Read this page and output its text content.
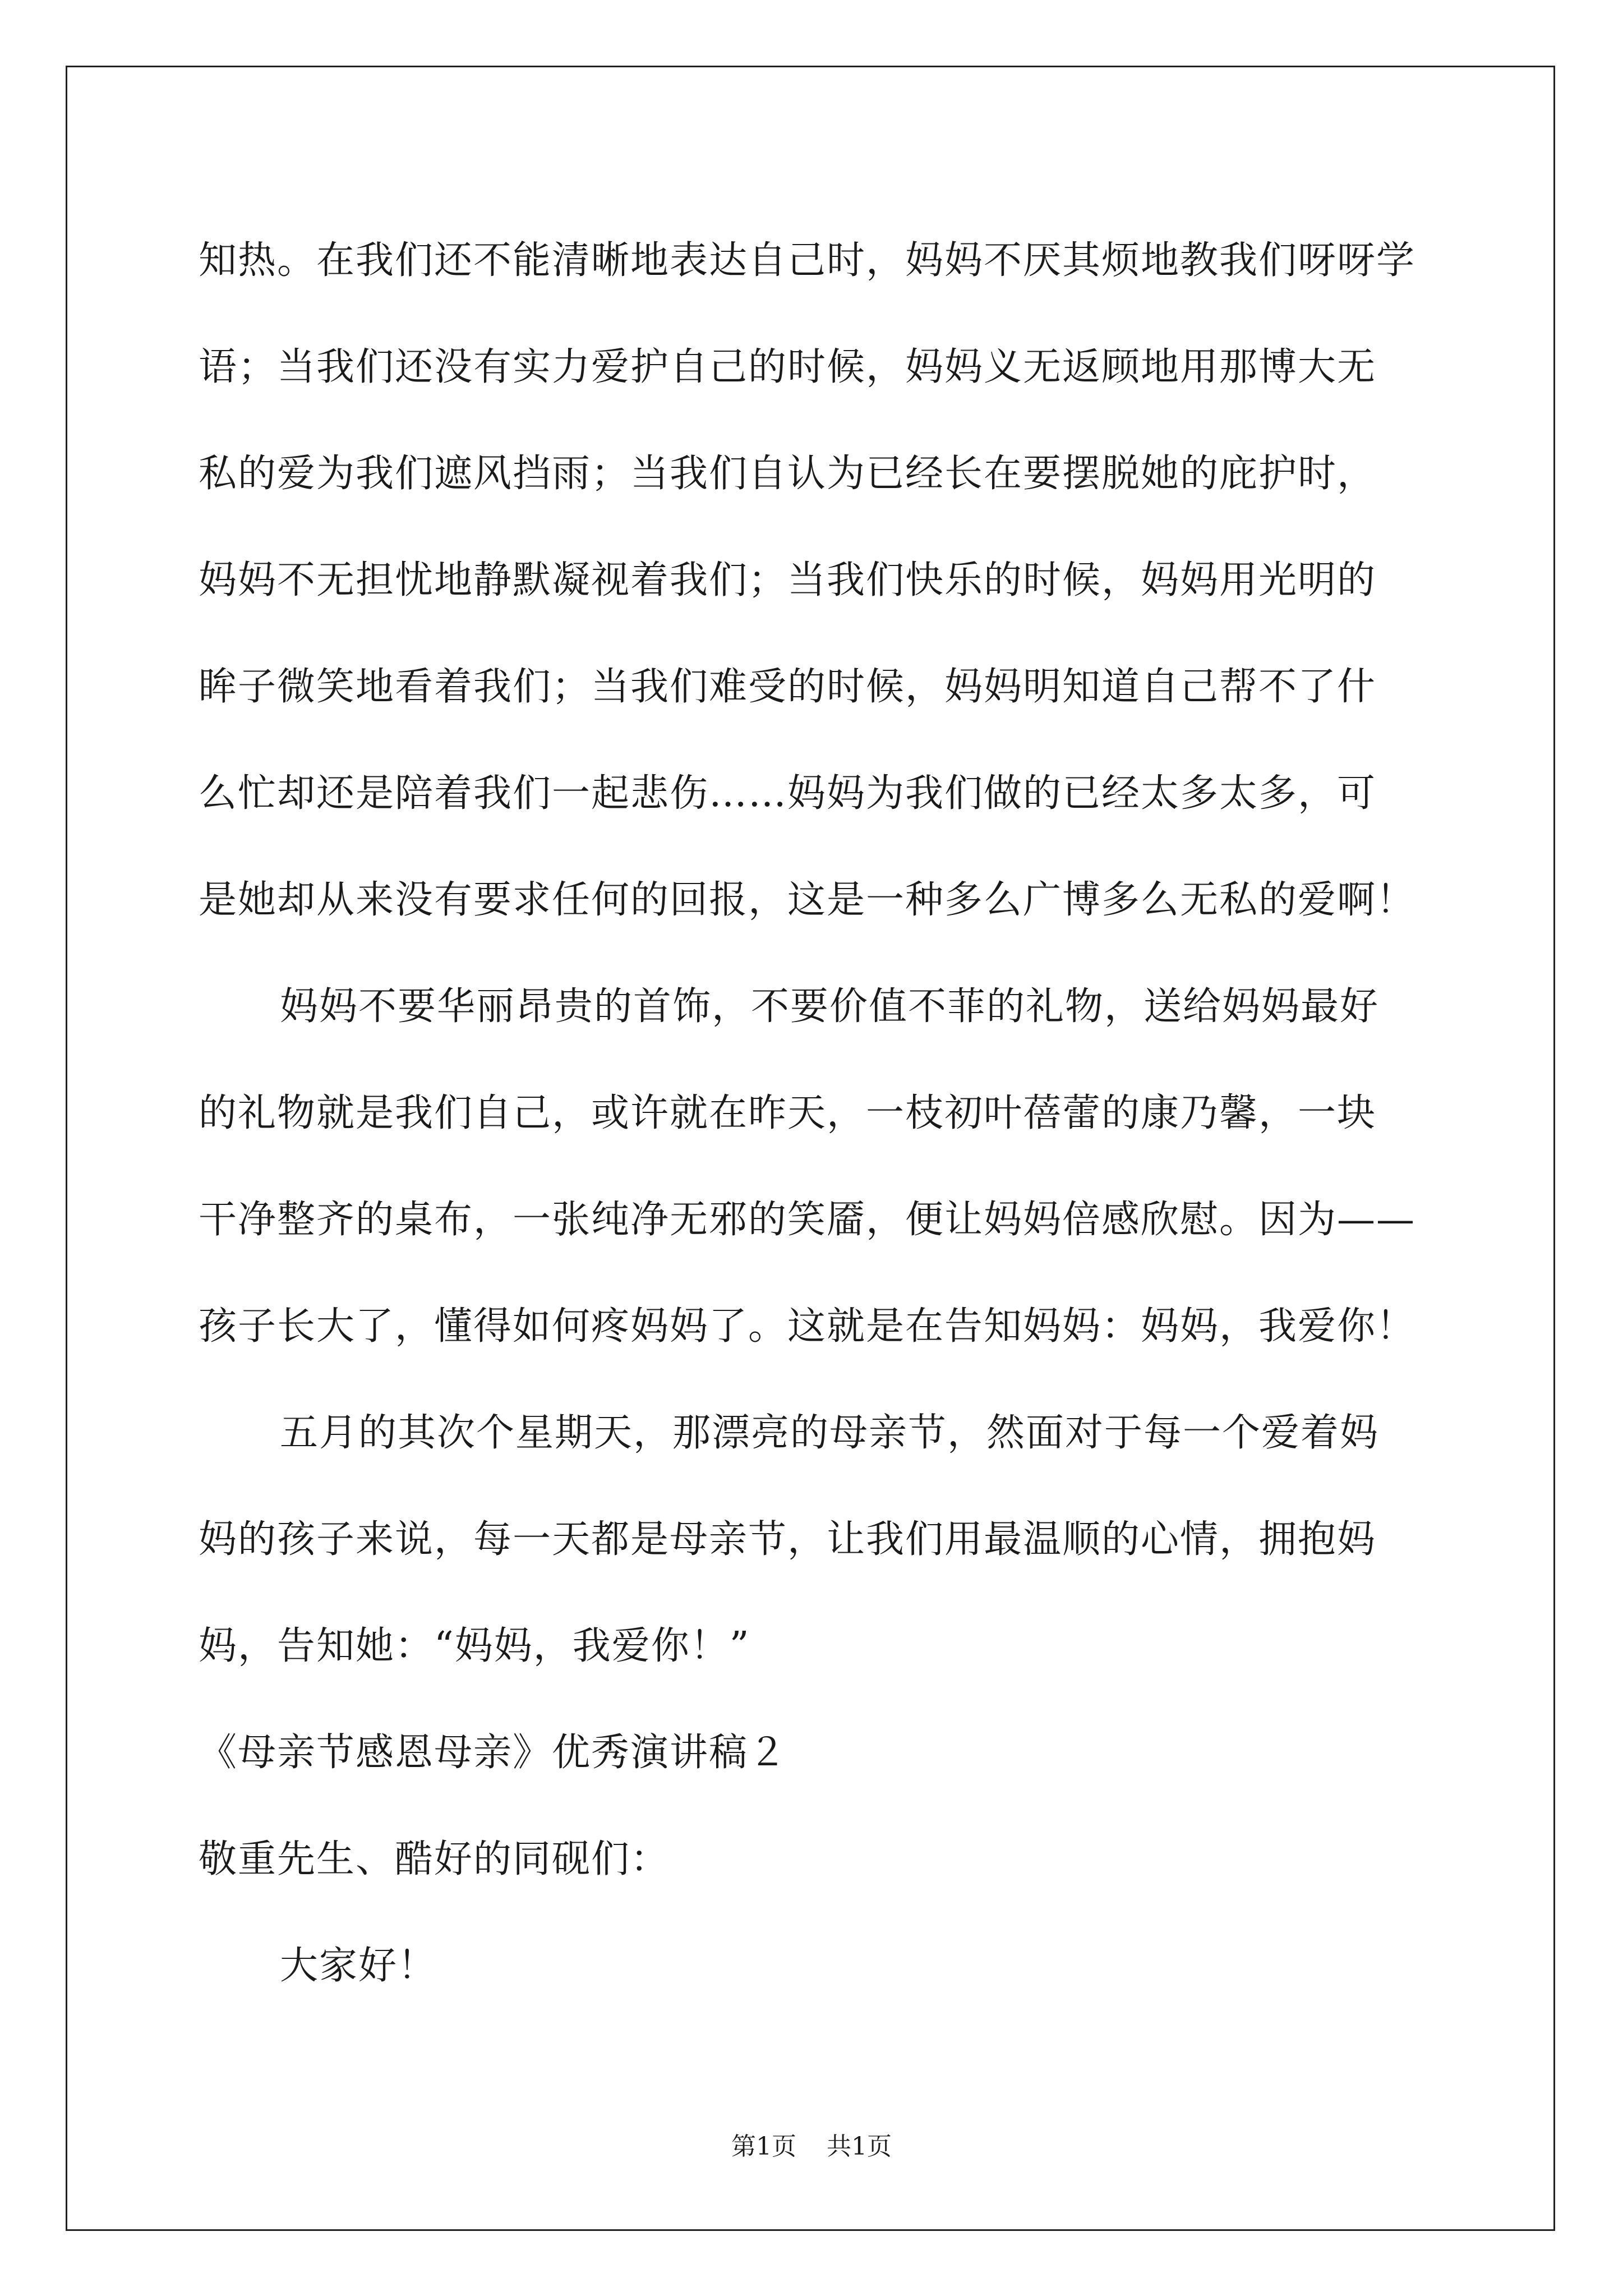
知热。在我们还不能清晰地表达自己时，妈妈不厌其烦地教我们呀呀学
语；当我们还没有实力爱护自己的时候，妈妈义无返顾地用那博大无
私的爱为我们遮风挡雨；当我们自认为已经长在要摆脱她的庇护时，
妈妈不无担忧地静默凝视着我们；当我们快乐的时候，妈妈用光明的
眸子微笑地看着我们；当我们难受的时候，妈妈明知道自己帮不了什
么忙却还是陪着我们一起悲伤……妈妈为我们做的已经太多太多，可
是她却从来没有要求任何的回报，这是一种多么广博多么无私的爱啊！
妈妈不要华丽昂贵的首饰，不要价值不菲的礼物，送给妈妈最好
的礼物就是我们自己，或许就在昨天，一枝初叶蓓蕾的康乃馨，一块
干净整齐的桌布，一张纯净无邪的笑靥，便让妈妈倍感欣慰。因为——
孩子长大了，懂得如何疼妈妈了。这就是在告知妈妈：妈妈，我爱你！
五月的其次个星期天，那漂亮的母亲节，然面对于每一个爱着妈
妈的孩子来说，每一天都是母亲节，让我们用最温顺的心情，拥抱妈
妈，告知她：“妈妈，我爱你！”
《母亲节感恩母亲》优秀演讲稿２
敬重先生、酷好的同砚们：
大家好！
第1页 共1页
